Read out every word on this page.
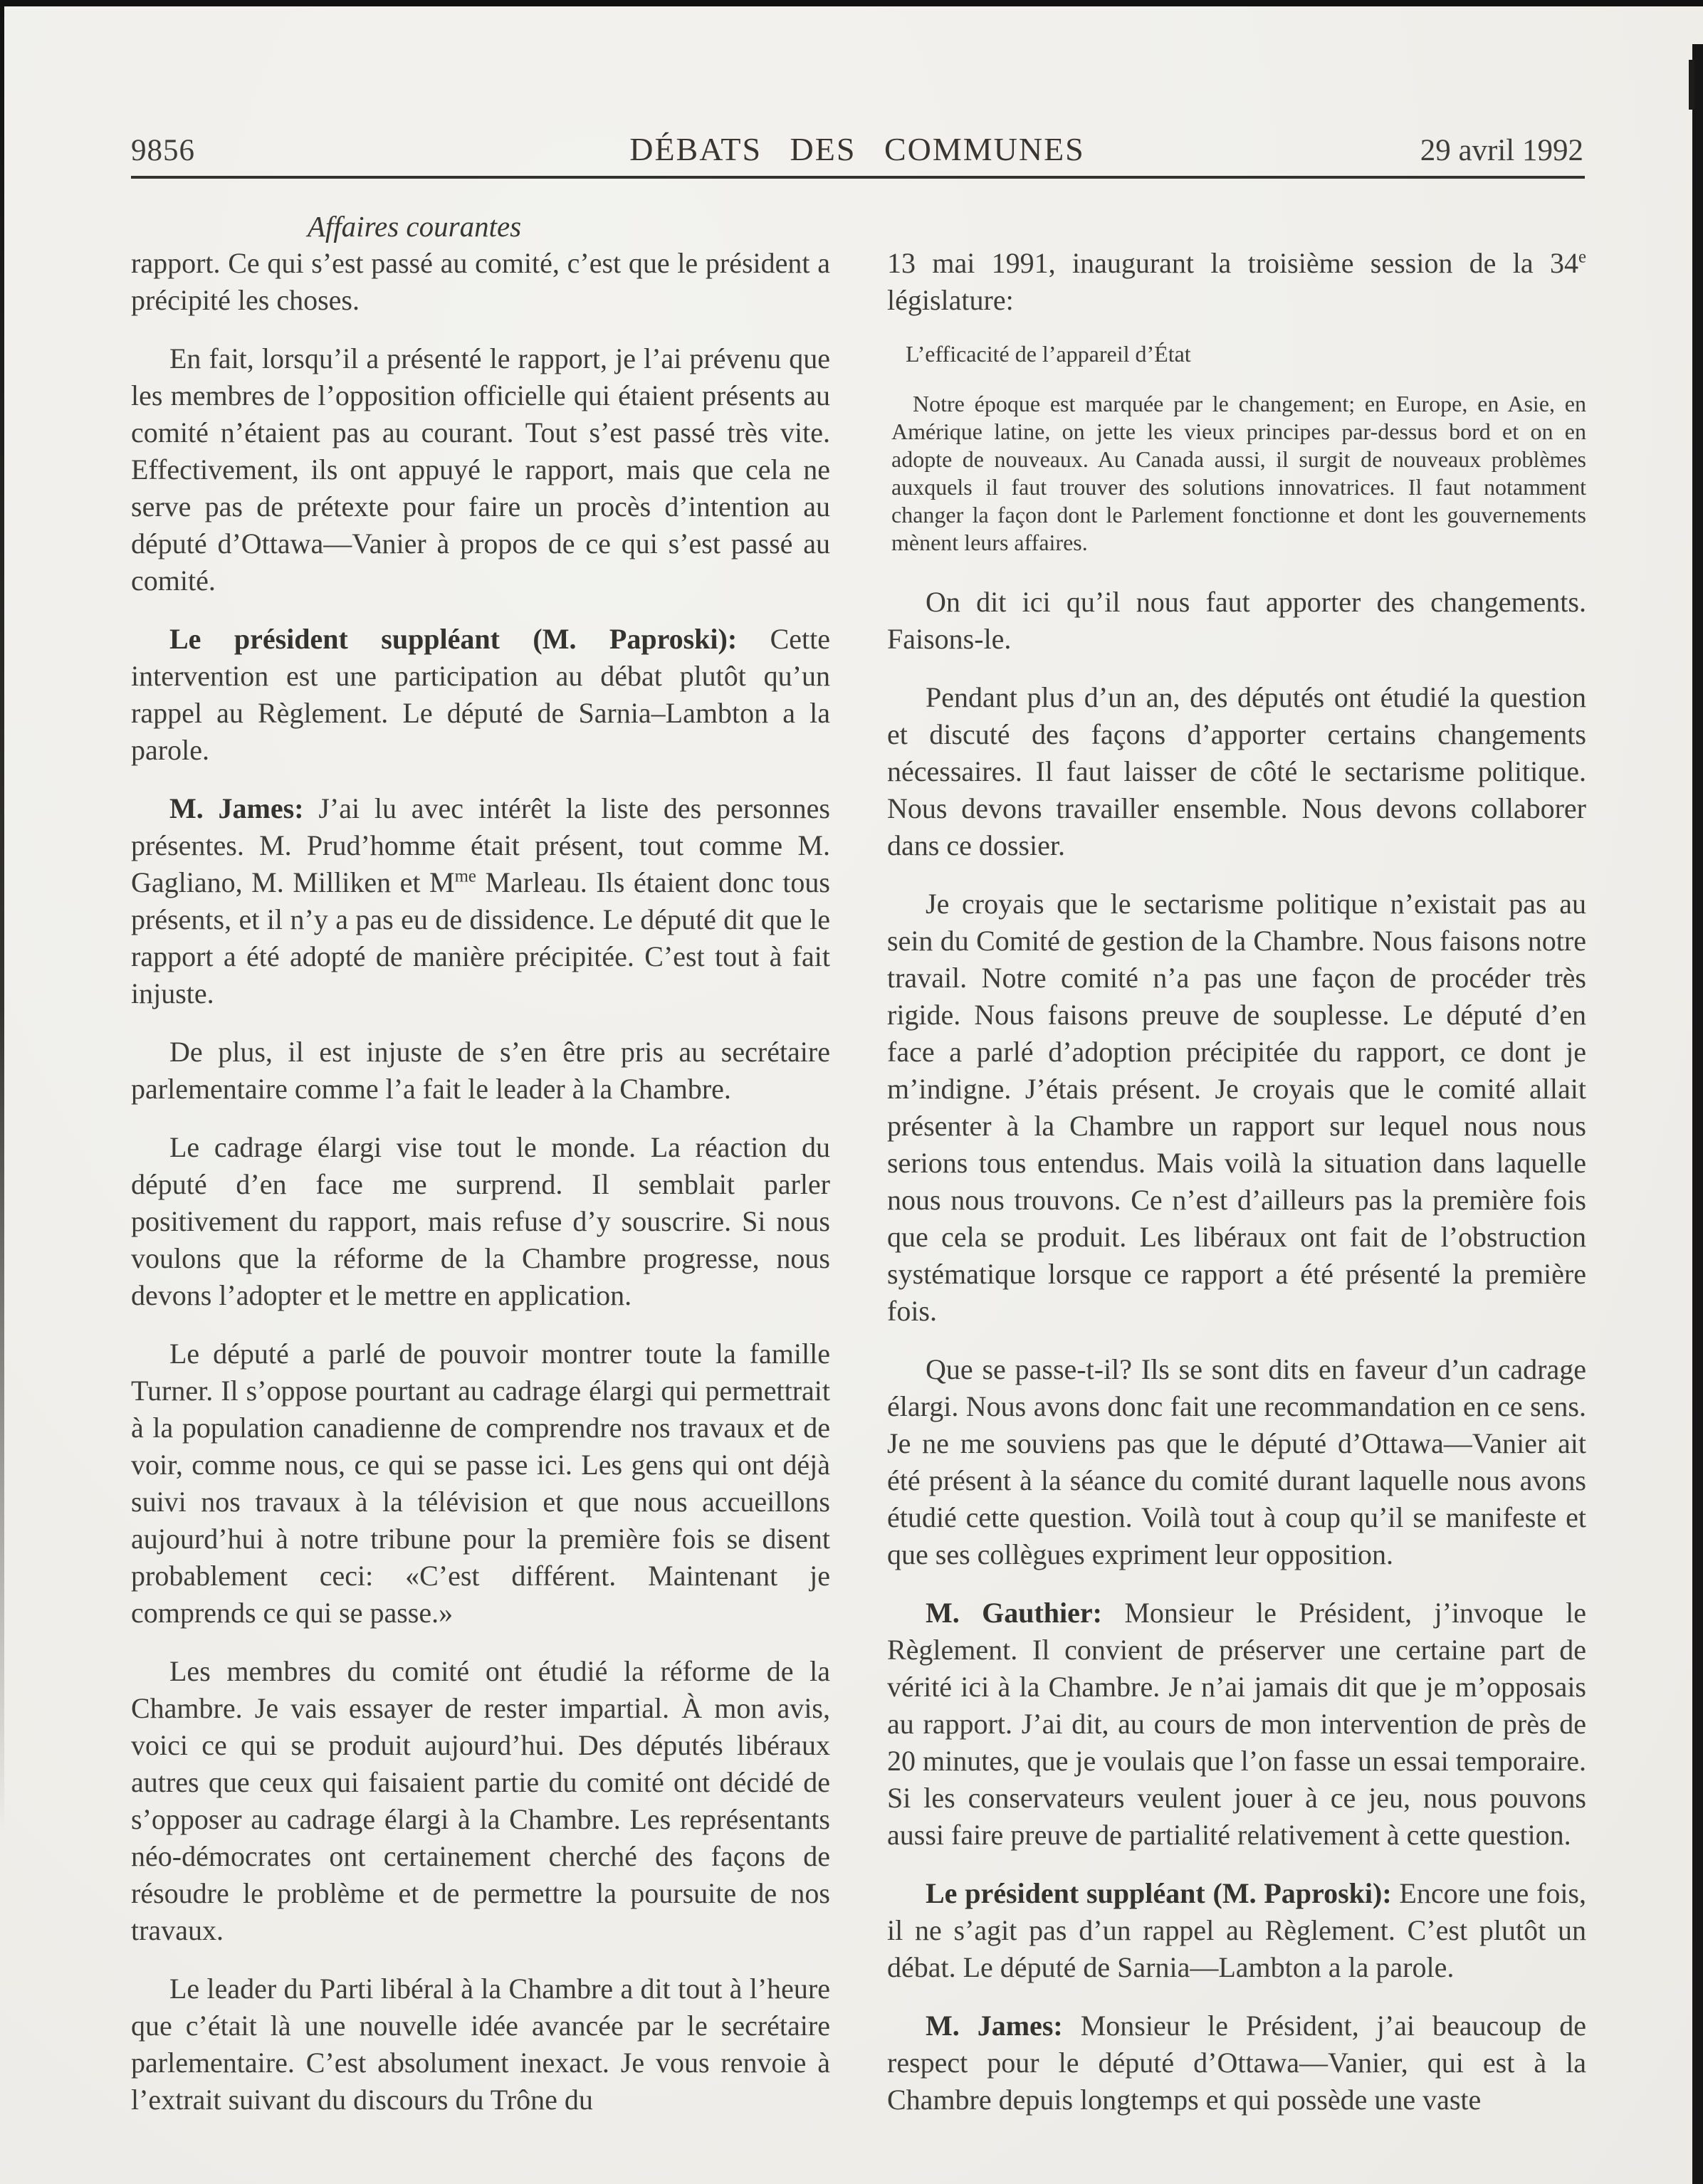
9856	DÉBATS DES COMMUNES	29 avril 1992
Affaires courantes

rapport. Ce qui s’est passé au comité, c’est que le président a précipité les choses.

En fait, lorsqu’il a présenté le rapport, je l’ai prévenu que les membres de l’opposition officielle qui étaient présents au comité n’étaient pas au courant. Tout s’est passé très vite. Effectivement, ils ont appuyé le rapport, mais que cela ne serve pas de prétexte pour faire un procès d’intention au député d’Ottawa—Vanier à propos de ce qui s’est passé au comité.

Le président suppléant (M. Paproski): Cette intervention est une participation au débat plutôt qu’un rappel au Règlement. Le député de Sarnia–Lambton a la parole.

M. James: J’ai lu avec intérêt la liste des personnes présentes. M. Prud’homme était présent, tout comme M. Gagliano, M. Milliken et $M^{me}$ Marleau. Ils étaient donc tous présents, et il n’y a pas eu de dissidence. Le député dit que le rapport a été adopté de manière précipitée. C’est tout à fait injuste.

De plus, il est injuste de s’en être pris au secrétaire parlementaire comme l’a fait le leader à la Chambre.

Le cadrage élargi vise tout le monde. La réaction du député d’en face me surprend. Il semblait parler positivement du rapport, mais refuse d’y souscrire. Si nous voulons que la réforme de la Chambre progresse, nous devons l’adopter et le mettre en application.

Le député a parlé de pouvoir montrer toute la famille Turner. Il s’oppose pourtant au cadrage élargi qui permettrait à la population canadienne de comprendre nos travaux et de voir, comme nous, ce qui se passe ici. Les gens qui ont déjà suivi nos travaux à la télévision et que nous accueillons aujourd’hui à notre tribune pour la première fois se disent probablement ceci: «C’est différent. Maintenant je comprends ce qui se passe.»

Les membres du comité ont étudié la réforme de la Chambre. Je vais essayer de rester impartial. À mon avis, voici ce qui se produit aujourd’hui. Des députés libéraux autres que ceux qui faisaient partie du comité ont décidé de s’opposer au cadrage élargi à la Chambre. Les représentants néo-démocrates ont certainement cherché des façons de résoudre le problème et de permettre la poursuite de nos travaux.

Le leader du Parti libéral à la Chambre a dit tout à l’heure que c’était là une nouvelle idée avancée par le secrétaire parlementaire. C’est absolument inexact. Je vous renvoie à l’extrait suivant du discours du Trône du

13 mai 1991, inaugurant la troisième session de la 34e législature:

L’efficacité de l’appareil d’État

Notre époque est marquée par le changement; en Europe, en Asie, en Amérique latine, on jette les vieux principes par-dessus bord et on en adopte de nouveaux. Au Canada aussi, il surgit de nouveaux problèmes auxquels il faut trouver des solutions innovatrices. Il faut notamment changer la façon dont le Parlement fonctionne et dont les gouvernements mènent leurs affaires.

On dit ici qu’il nous faut apporter des changements. Faisons-le.

Pendant plus d’un an, des députés ont étudié la question et discuté des façons d’apporter certains changements nécessaires. Il faut laisser de côté le sectarisme politique. Nous devons travailler ensemble. Nous devons collaborer dans ce dossier.

Je croyais que le sectarisme politique n’existait pas au sein du Comité de gestion de la Chambre. Nous faisons notre travail. Notre comité n’a pas une façon de procéder très rigide. Nous faisons preuve de souplesse. Le député d’en face a parlé d’adoption précipitée du rapport, ce dont je m’indigne. J’étais présent. Je croyais que le comité allait présenter à la Chambre un rapport sur lequel nous nous serions tous entendus. Mais voilà la situation dans laquelle nous nous trouvons. Ce n’est d’ailleurs pas la première fois que cela se produit. Les libéraux ont fait de l’obstruction systématique lorsque ce rapport a été présenté la première fois.

Que se passe-t-il? Ils se sont dits en faveur d’un cadrage élargi. Nous avons donc fait une recommandation en ce sens. Je ne me souviens pas que le député d’Ottawa—Vanier ait été présent à la séance du comité durant laquelle nous avons étudié cette question. Voilà tout à coup qu’il se manifeste et que ses collègues expriment leur opposition.

M. Gauthier: Monsieur le Président, j’invoque le Règlement. Il convient de préserver une certaine part de vérité ici à la Chambre. Je n’ai jamais dit que je m’opposais au rapport. J’ai dit, au cours de mon intervention de près de 20 minutes, que je voulais que l’on fasse un essai temporaire. Si les conservateurs veulent jouer à ce jeu, nous pouvons aussi faire preuve de partialité relativement à cette question.

Le président suppléant (M. Paproski): Encore une fois, il ne s’agit pas d’un rappel au Règlement. C’est plutôt un débat. Le député de Sarnia—Lambton a la parole.

M. James: Monsieur le Président, j’ai beaucoup de respect pour le député d’Ottawa—Vanier, qui est à la Chambre depuis longtemps et qui possède une vaste
